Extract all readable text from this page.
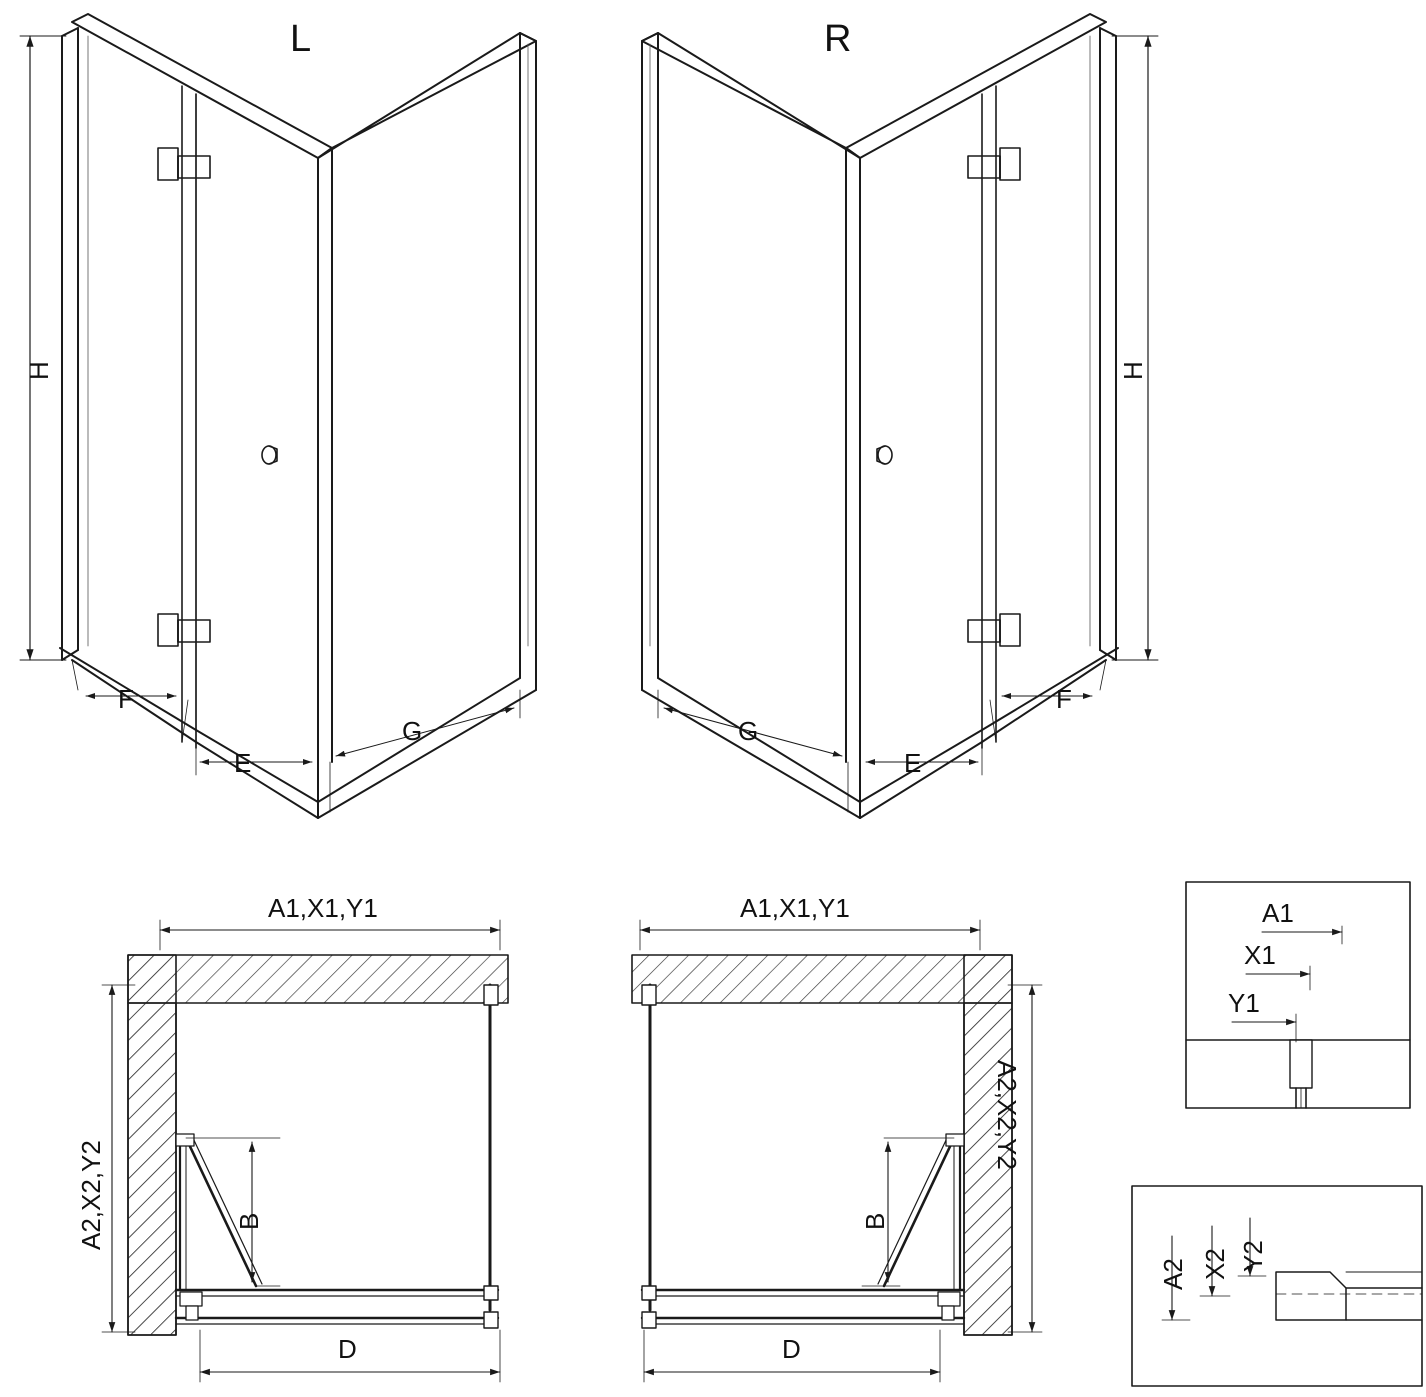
L	R
H	H
F
E
G
F
E
G
A1,X1,Y1
A2,X2,Y2	B
D
A1,X1,Y1
A2,X2,Y2
B
D
A1
X1
Y1
A2 X2 Y2
